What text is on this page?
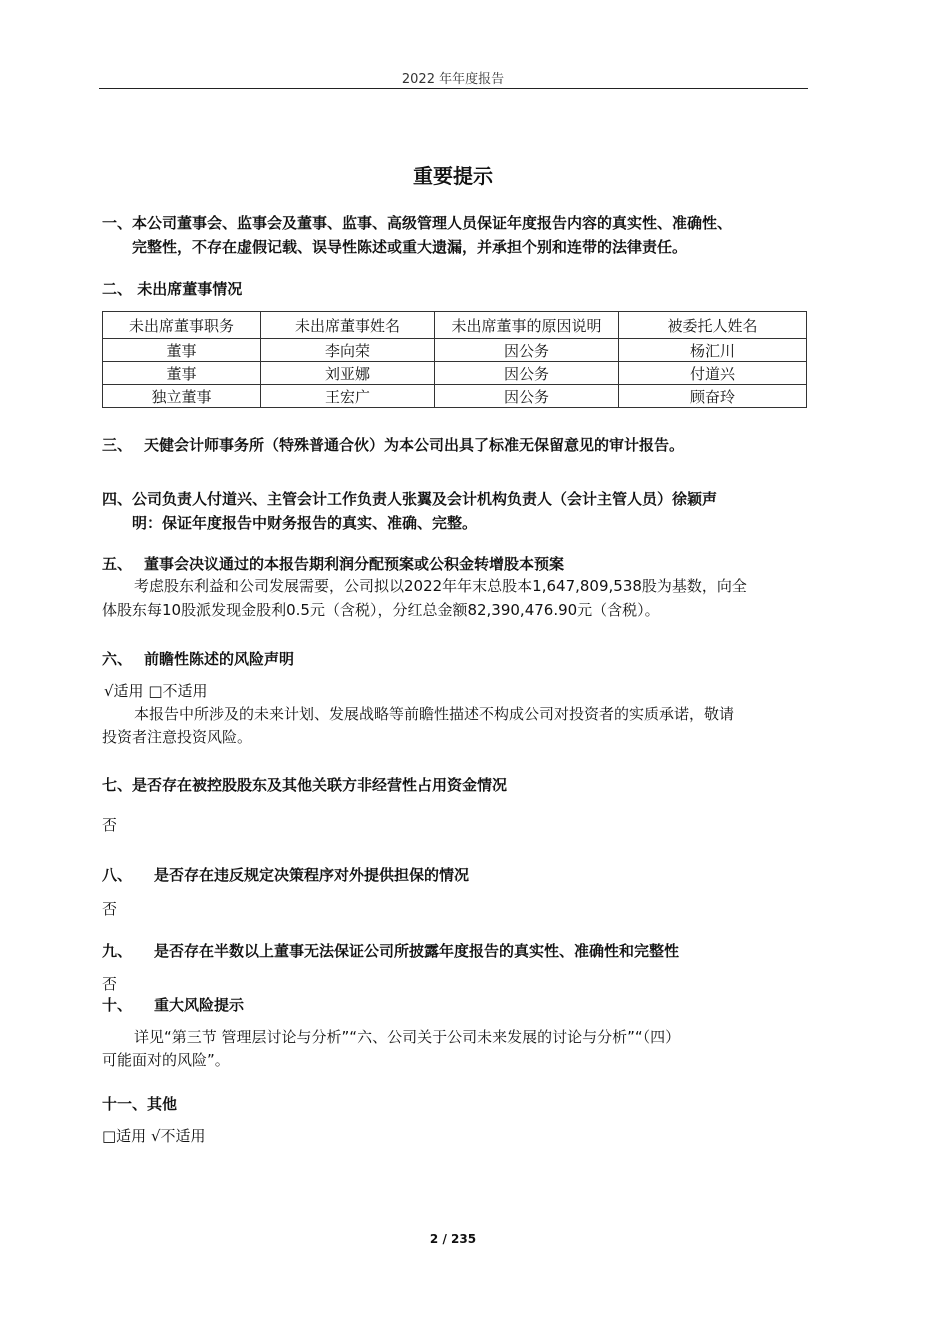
2022 年年度报告
重要提示
一、本公司董事会、监事会及董事、监事、高级管理人员保证年度报告内容的真实性、准确性、
完整性，不存在虚假记载、误导性陈述或重大遗漏，并承担个别和连带的法律责任。
二、 未出席董事情况
未出席董事职务	未出席董事姓名	未出席董事的原因说明	被委托人姓名
董事	李向荣	因公务	杨汇川
董事	刘亚娜	因公务	付道兴
独立董事	王宏广	因公务	顾奋玲
三、 天健会计师事务所（特殊普通合伙）为本公司出具了标准无保留意见的审计报告。
四、公司负责人付道兴、主管会计工作负责人张翼及会计机构负责人（会计主管人员）徐颖声
明：保证年度报告中财务报告的真实、准确、完整。
五、 董事会决议通过的本报告期利润分配预案或公积金转增股本预案
考虑股东利益和公司发展需要，公司拟以2022年年末总股本1,647,809,538股为基数，向全
体股东每10股派发现金股利0.5元（含税），分红总金额82,390,476.90元（含税）。
六、 前瞻性陈述的风险声明
√适用 □不适用
本报告中所涉及的未来计划、发展战略等前瞻性描述不构成公司对投资者的实质承诺，敬请
投资者注意投资风险。
七、是否存在被控股股东及其他关联方非经营性占用资金情况
否
八、 是否存在违反规定决策程序对外提供担保的情况
否
九、 是否存在半数以上董事无法保证公司所披露年度报告的真实性、准确性和完整性
否
十、 重大风险提示
详见“第三节 管理层讨论与分析”“六、公司关于公司未来发展的讨论与分析”“（四）
可能面对的风险”。
十一、其他
□适用 √不适用
2 / 235
